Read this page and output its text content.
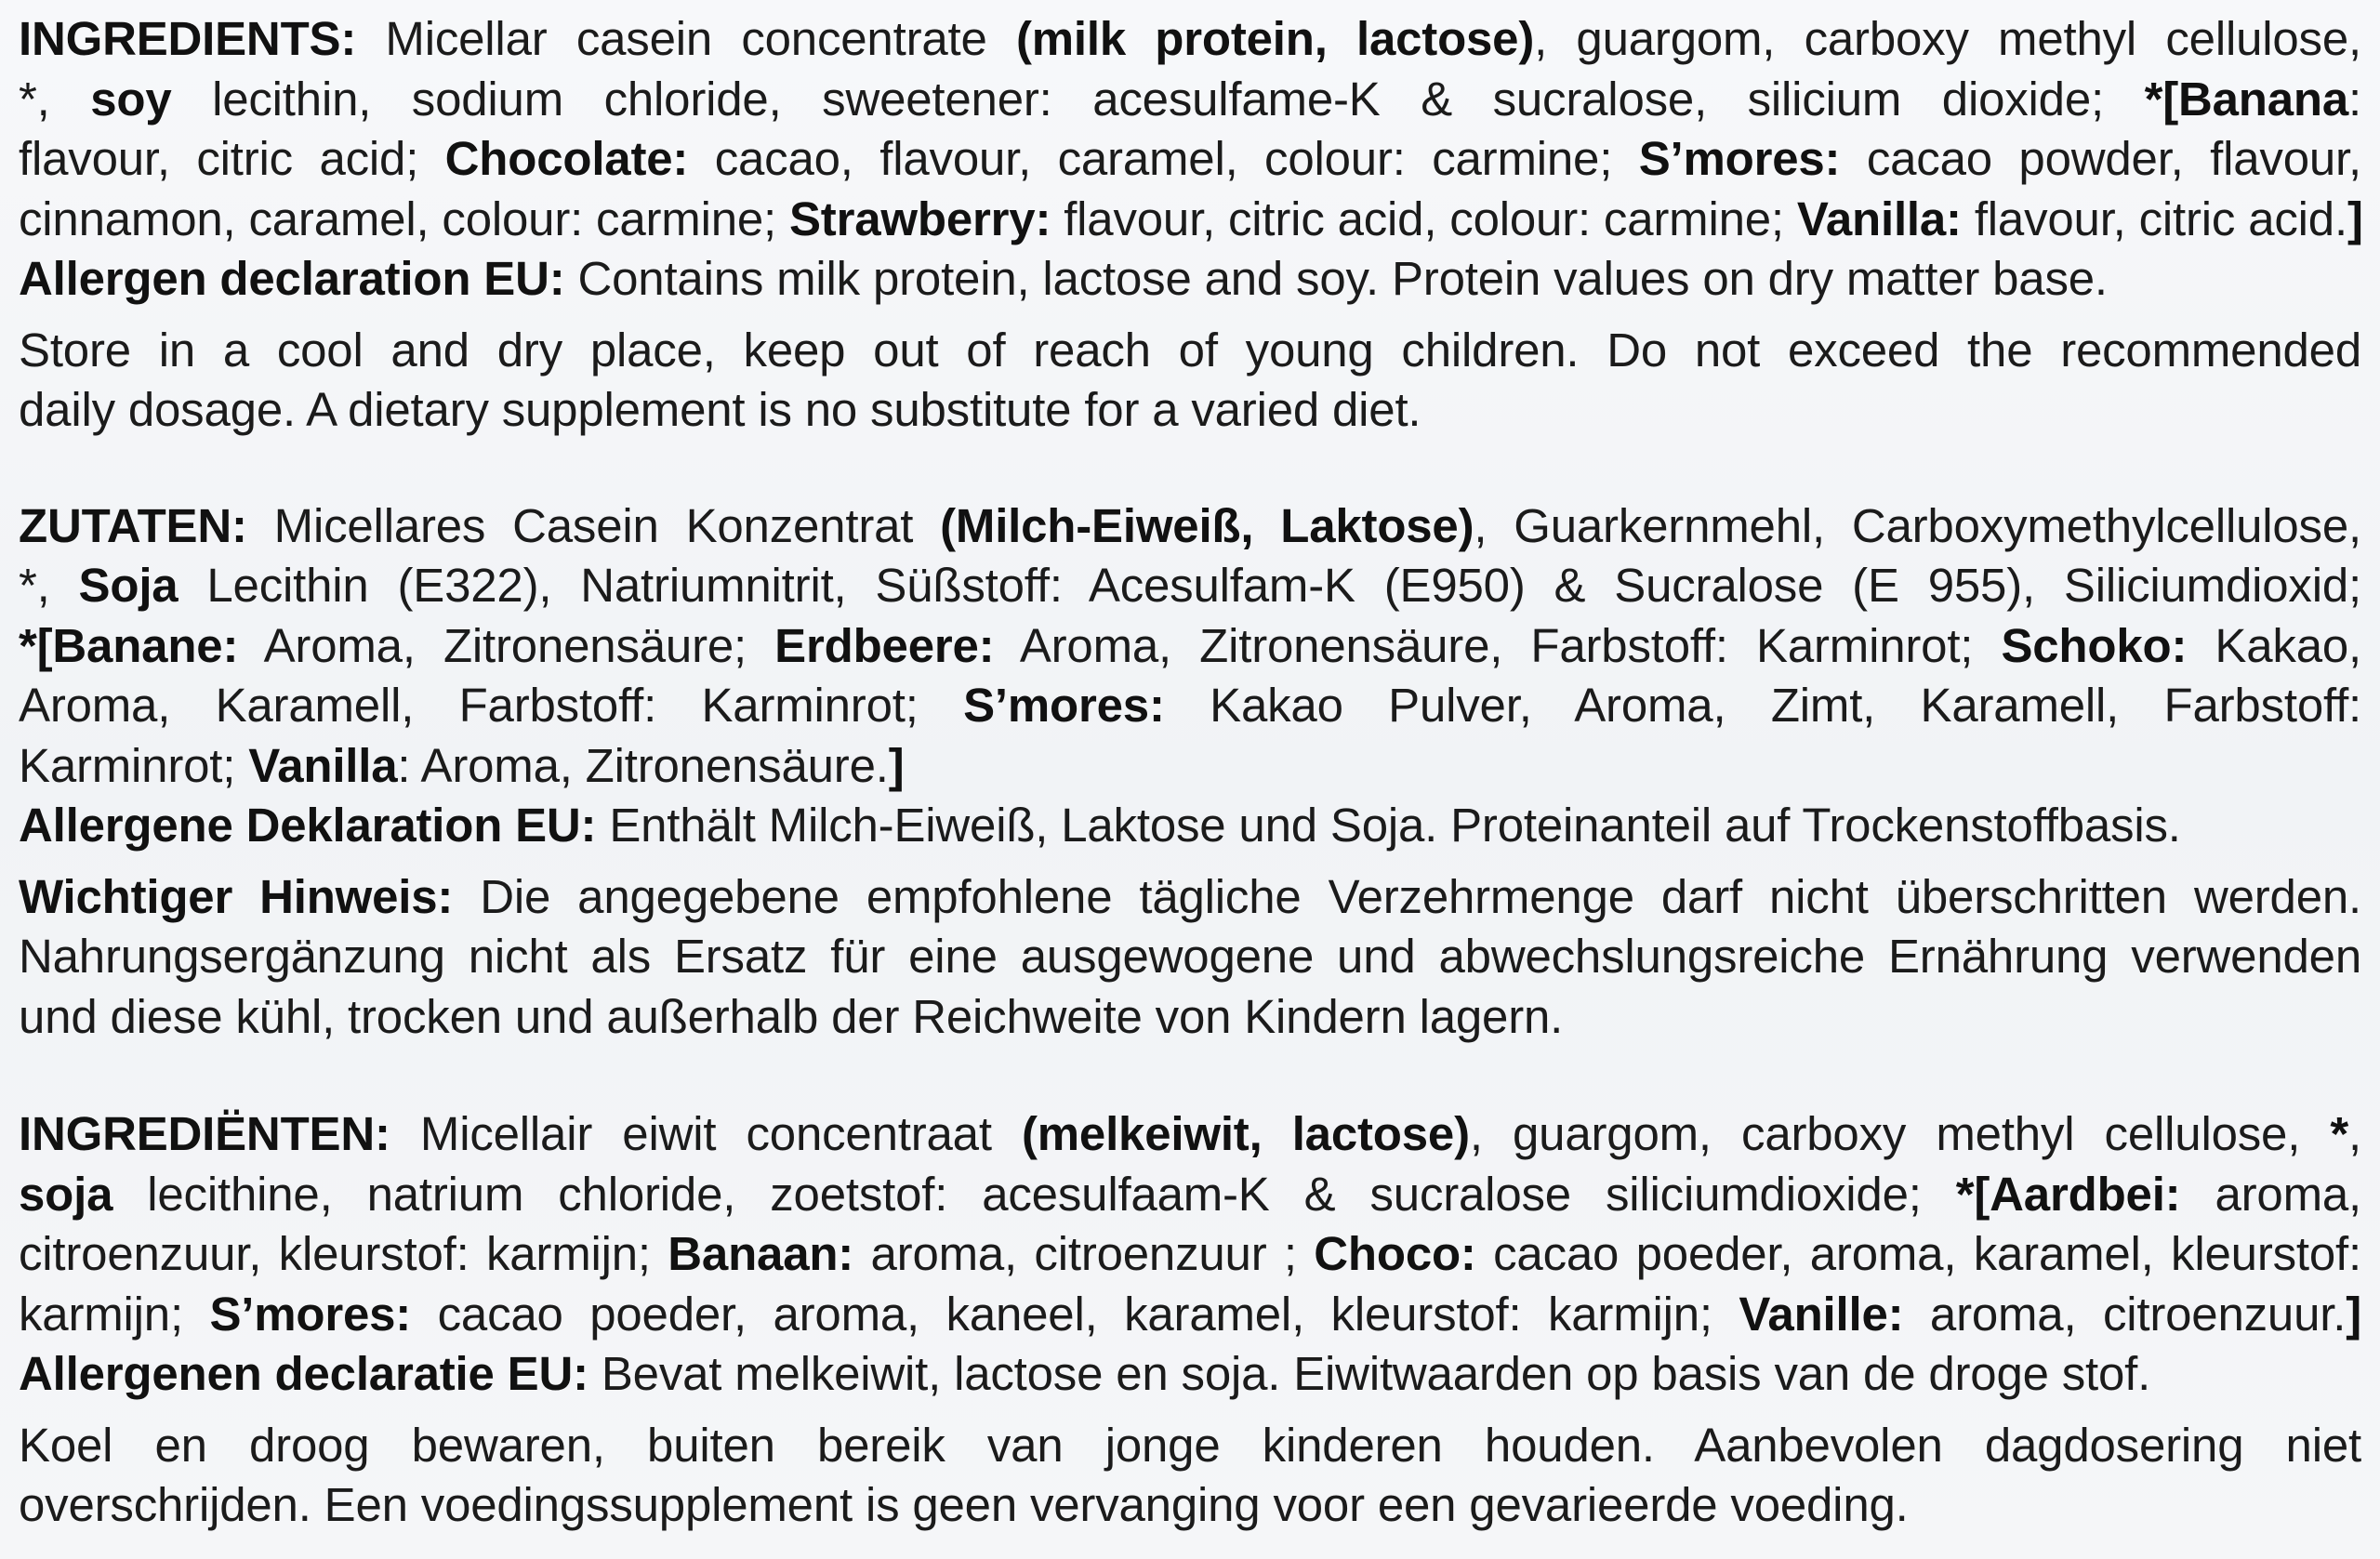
INGREDIENTS: Micellar casein concentrate (milk protein, lactose), guargom, carboxy methyl cellulose,
*, soy lecithin, sodium chloride, sweetener: acesulfame-K & sucralose, silicium dioxide; *[Banana:
flavour, citric acid; Chocolate: cacao, flavour, caramel, colour: carmine; S’mores: cacao powder, flavour,
cinnamon, caramel, colour: carmine; Strawberry: flavour, citric acid, colour: carmine; Vanilla: flavour, citric acid.]
Allergen declaration EU: Contains milk protein, lactose and soy. Protein values on dry matter base.
Store in a cool and dry place, keep out of reach of young children. Do not exceed the recommended
daily dosage. A dietary supplement is no substitute for a varied diet.
ZUTATEN: Micellares Casein Konzentrat (Milch-Eiweiß, Laktose), Guarkernmehl, Carboxymethylcellulose,
*, Soja Lecithin (E322), Natriumnitrit, Süßstoff: Acesulfam-K (E950) & Sucralose (E 955), Siliciumdioxid;
*[Banane: Aroma, Zitronensäure; Erdbeere: Aroma, Zitronensäure, Farbstoff: Karminrot; Schoko: Kakao,
Aroma, Karamell, Farbstoff: Karminrot; S’mores: Kakao Pulver, Aroma, Zimt, Karamell, Farbstoff:
Karminrot; Vanilla: Aroma, Zitronensäure.]
Allergene Deklaration EU: Enthält Milch-Eiweiß, Laktose und Soja. Proteinanteil auf Trockenstoffbasis.
Wichtiger Hinweis: Die angegebene empfohlene tägliche Verzehrmenge darf nicht überschritten werden.
Nahrungsergänzung nicht als Ersatz für eine ausgewogene und abwechslungsreiche Ernährung verwenden
und diese kühl, trocken und außerhalb der Reichweite von Kindern lagern.
INGREDIËNTEN: Micellair eiwit concentraat (melkeiwit, lactose), guargom, carboxy methyl cellulose, *,
soja lecithine, natrium chloride, zoetstof: acesulfaam-K & sucralose siliciumdioxide; *[Aardbei: aroma,
citroenzuur, kleurstof: karmijn; Banaan: aroma, citroenzuur ; Choco: cacao poeder, aroma, karamel, kleurstof:
karmijn; S’mores: cacao poeder, aroma, kaneel, karamel, kleurstof: karmijn; Vanille: aroma, citroenzuur.]
Allergenen declaratie EU: Bevat melkeiwit, lactose en soja. Eiwitwaarden op basis van de droge stof.
Koel en droog bewaren, buiten bereik van jonge kinderen houden. Aanbevolen dagdosering niet
overschrijden. Een voedingssupplement is geen vervanging voor een gevarieerde voeding.
